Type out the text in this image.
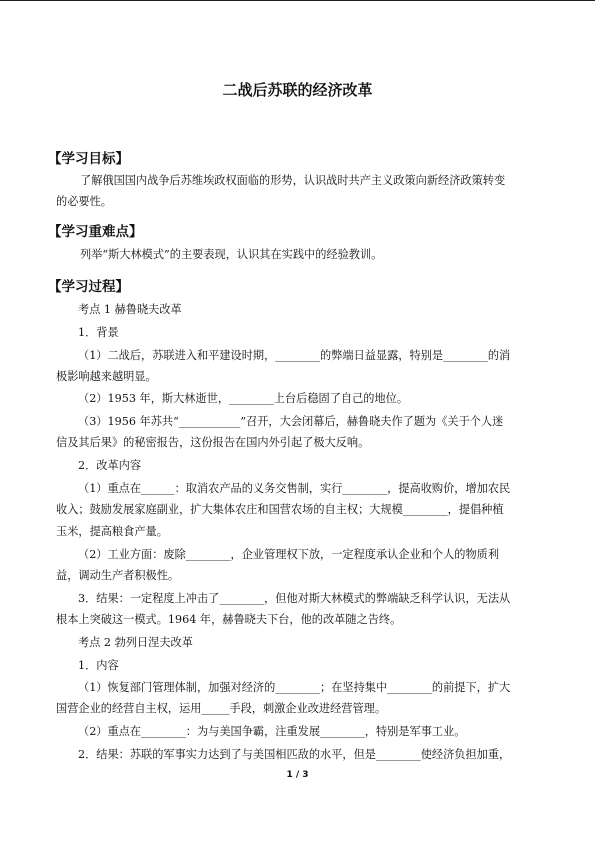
二战后苏联的经济改革
【学习目标】
了解俄国国内战争后苏维埃政权面临的形势，认识战时共产主义政策向新经济政策转变
的必要性。
【学习重难点】
列举“斯大林模式”的主要表现，认识其在实践中的经验教训。
【学习过程】
考点 1 赫鲁晓夫改革
1．背景
（1）二战后，苏联进入和平建设时期，________的弊端日益显露，特别是________的消
极影响越来越明显。
（2）1953 年，斯大林逝世，________上台后稳固了自己的地位。
（3）1956 年苏共“___________”召开，大会闭幕后，赫鲁晓夫作了题为《关于个人迷
信及其后果》的秘密报告，这份报告在国内外引起了极大反响。
2．改革内容
（1）重点在______：取消农产品的义务交售制，实行________，提高收购价，增加农民
收入；鼓励发展家庭副业，扩大集体农庄和国营农场的自主权；大规模________，提倡种植
玉米，提高粮食产量。
（2）工业方面：废除________，企业管理权下放，一定程度承认企业和个人的物质利
益，调动生产者积极性。
3．结果：一定程度上冲击了________，但他对斯大林模式的弊端缺乏科学认识，无法从
根本上突破这一模式。1964 年，赫鲁晓夫下台，他的改革随之告终。
考点 2 勃列日涅夫改革
1．内容
（1）恢复部门管理体制，加强对经济的________；在坚持集中________的前提下，扩大
国营企业的经营自主权，运用_____手段，刺激企业改进经营管理。
（2）重点在________：为与美国争霸，注重发展________，特别是军事工业。
2．结果：苏联的军事实力达到了与美国相匹敌的水平，但是________使经济负担加重，
1 / 3
